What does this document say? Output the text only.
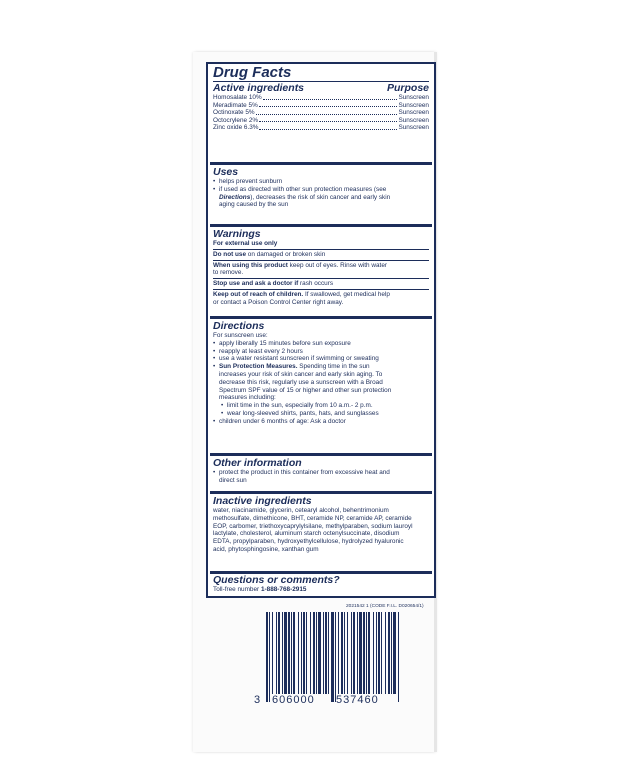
Drug Facts
Active ingredients	Purpose
Homosalate 10%	Sunscreen
Meradimate 5%	Sunscreen
Octinoxate 5%	Sunscreen
Octocrylene 2%	Sunscreen
Zinc oxide 6.3%	Sunscreen
Uses
• helps prevent sunburn
• if used as directed with other sun protection measures (see
Directions), decreases the risk of skin cancer and early skin
aging caused by the sun
Warnings
For external use only
Do not use on damaged or broken skin
When using this product keep out of eyes. Rinse with water
to remove.
Stop use and ask a doctor if rash occurs
Keep out of reach of children. If swallowed, get medical help
or contact a Poison Control Center right away.
Directions
For sunscreen use:
• apply liberally 15 minutes before sun exposure
• reapply at least every 2 hours
• use a water resistant sunscreen if swimming or sweating
• Sun Protection Measures. Spending time in the sun
increases your risk of skin cancer and early skin aging. To
decrease this risk, regularly use a sunscreen with a Broad
Spectrum SPF value of 15 or higher and other sun protection
measures including:
• limit time in the sun, especially from 10 a.m.- 2 p.m.
• wear long-sleeved shirts, pants, hats, and sunglasses
• children under 6 months of age: Ask a doctor
Other information
• protect the product in this container from excessive heat and
direct sun
Inactive ingredients
water, niacinamide, glycerin, cetearyl alcohol, behentrimonium
methosulfate, dimethicone, BHT, ceramide NP, ceramide AP, ceramide
EOP, carbomer, triethoxycaprylylsilane, methylparaben, sodium lauroyl
lactylate, cholesterol, aluminum starch octenylsuccinate, disodium
EDTA, propylparaben, hydroxyethylcellulose, hydrolyzed hyaluronic
acid, phytosphingosine, xanthan gum
Questions or comments?
Toll-free number 1-888-768-2915
2021542 1 (CODE F.I.L. D020654/1)
3 606000 537460
